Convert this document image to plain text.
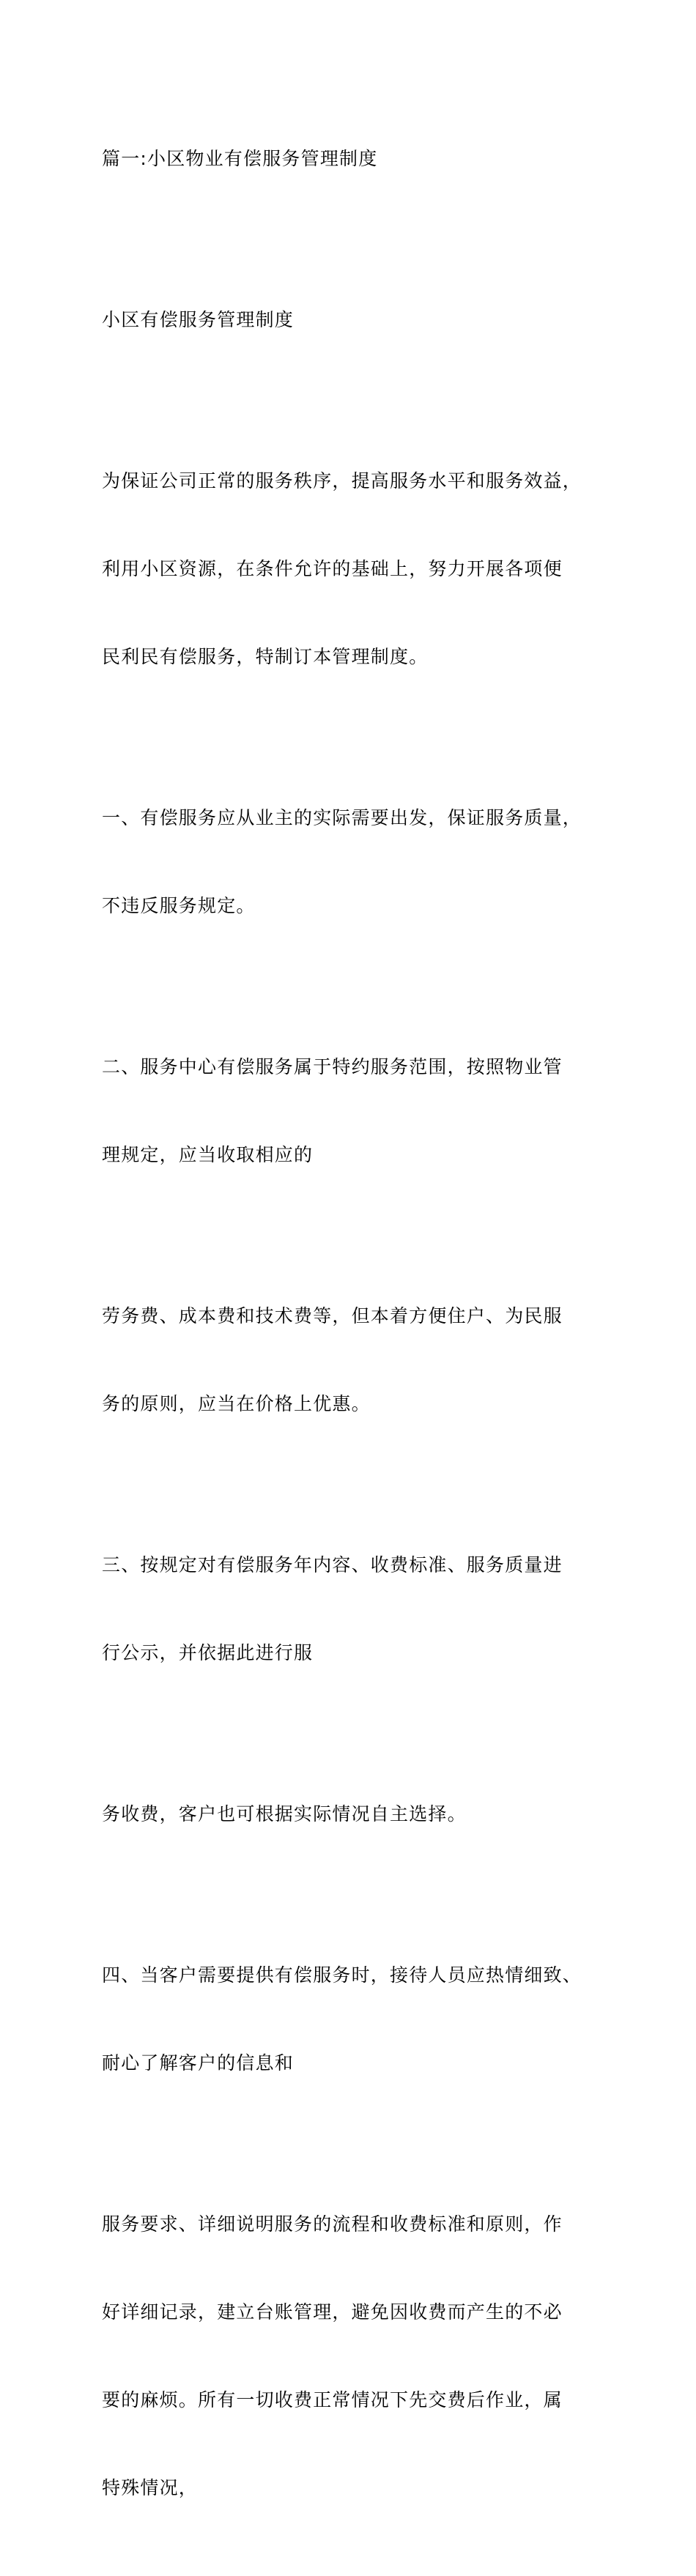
篇一:小区物业有偿服务管理制度

小区有偿服务管理制度

为保证公司正常的服务秩序，提高服务水平和服务效益，

利用小区资源，在条件允许的基础上，努力开展各项便

民利民有偿服务，特制订本管理制度。

一、有偿服务应从业主的实际需要出发，保证服务质量，

不违反服务规定。

二、服务中心有偿服务属于特约服务范围，按照物业管

理规定，应当收取相应的

劳务费、成本费和技术费等，但本着方便住户、为民服

务的原则，应当在价格上优惠。

三、按规定对有偿服务年内容、收费标准、服务质量进

行公示，并依据此进行服

务收费，客户也可根据实际情况自主选择。

四、当客户需要提供有偿服务时，接待人员应热情细致、

耐心了解客户的信息和

服务要求、详细说明服务的流程和收费标准和原则，作

好详细记录，建立台账管理，避免因收费而产生的不必

要的麻烦。所有一切收费正常情况下先交费后作业，属

特殊情况，
